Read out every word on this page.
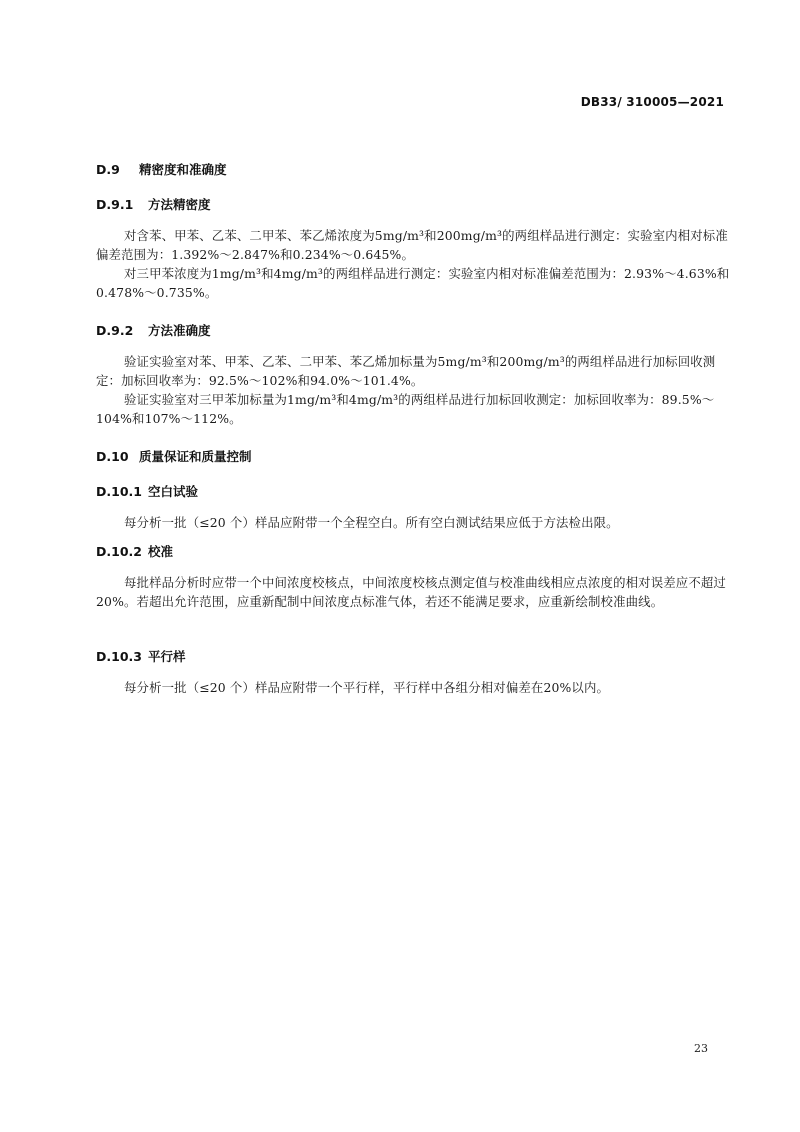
DB33/ 310005—2021
D.9	精密度和准确度
D.9.1	方法精密度

对含苯、甲苯、乙苯、二甲苯、苯乙烯浓度为5mg/m³和200mg/m³的两组样品进行测定：实验室内相对标准偏差范围为：1.392%～2.847%和0.234%～0.645%。

对三甲苯浓度为1mg/m³和4mg/m³的两组样品进行测定：实验室内相对标准偏差范围为：2.93%～4.63%和0.478%～0.735%。

D.9.2	方法准确度

验证实验室对苯、甲苯、乙苯、二甲苯、苯乙烯加标量为5mg/m³和200mg/m³的两组样品进行加标回收测定：加标回收率为：92.5%～102%和94.0%～101.4%。

验证实验室对三甲苯加标量为1mg/m³和4mg/m³的两组样品进行加标回收测定：加标回收率为：89.5%～104%和107%～112%。

D.10 质量保证和质量控制
D.10.1 空白试验

每分析一批（≤20 个）样品应附带一个全程空白。所有空白测试结果应低于方法检出限。

D.10.2 校准

每批样品分析时应带一个中间浓度校核点，中间浓度校核点测定值与校准曲线相应点浓度的相对误差应不超过20%。若超出允许范围，应重新配制中间浓度点标准气体，若还不能满足要求，应重新绘制校准曲线。

D.10.3 平行样

每分析一批（≤20 个）样品应附带一个平行样，平行样中各组分相对偏差在20%以内。

23
